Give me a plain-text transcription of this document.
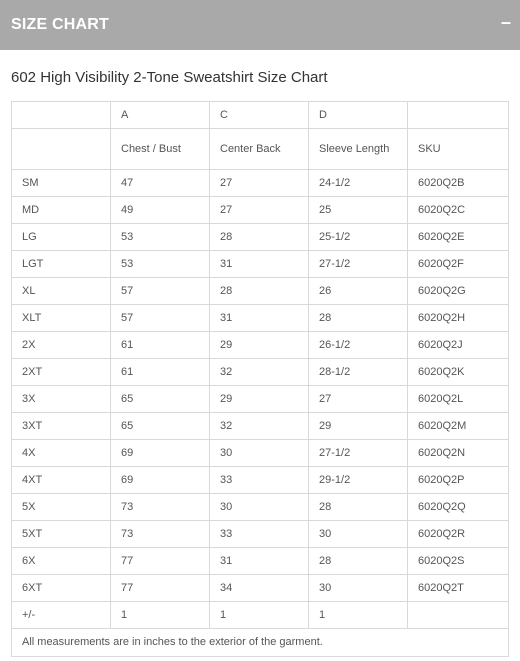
SIZE CHART	–
602 High Visibility 2-Tone Sweatshirt Size Chart
	A	C	D	
	Chest / Bust	Center Back	Sleeve Length	SKU
SM	47	27	24-1/2	6020Q2B
MD	49	27	25	6020Q2C
LG	53	28	25-1/2	6020Q2E
LGT	53	31	27-1/2	6020Q2F
XL	57	28	26	6020Q2G
XLT	57	31	28	6020Q2H
2X	61	29	26-1/2	6020Q2J
2XT	61	32	28-1/2	6020Q2K
3X	65	29	27	6020Q2L
3XT	65	32	29	6020Q2M
4X	69	30	27-1/2	6020Q2N
4XT	69	33	29-1/2	6020Q2P
5X	73	30	28	6020Q2Q
5XT	73	33	30	6020Q2R
6X	77	31	28	6020Q2S
6XT	77	34	30	6020Q2T
+/-	1	1	1	
All measurements are in inches to the exterior of the garment.				
